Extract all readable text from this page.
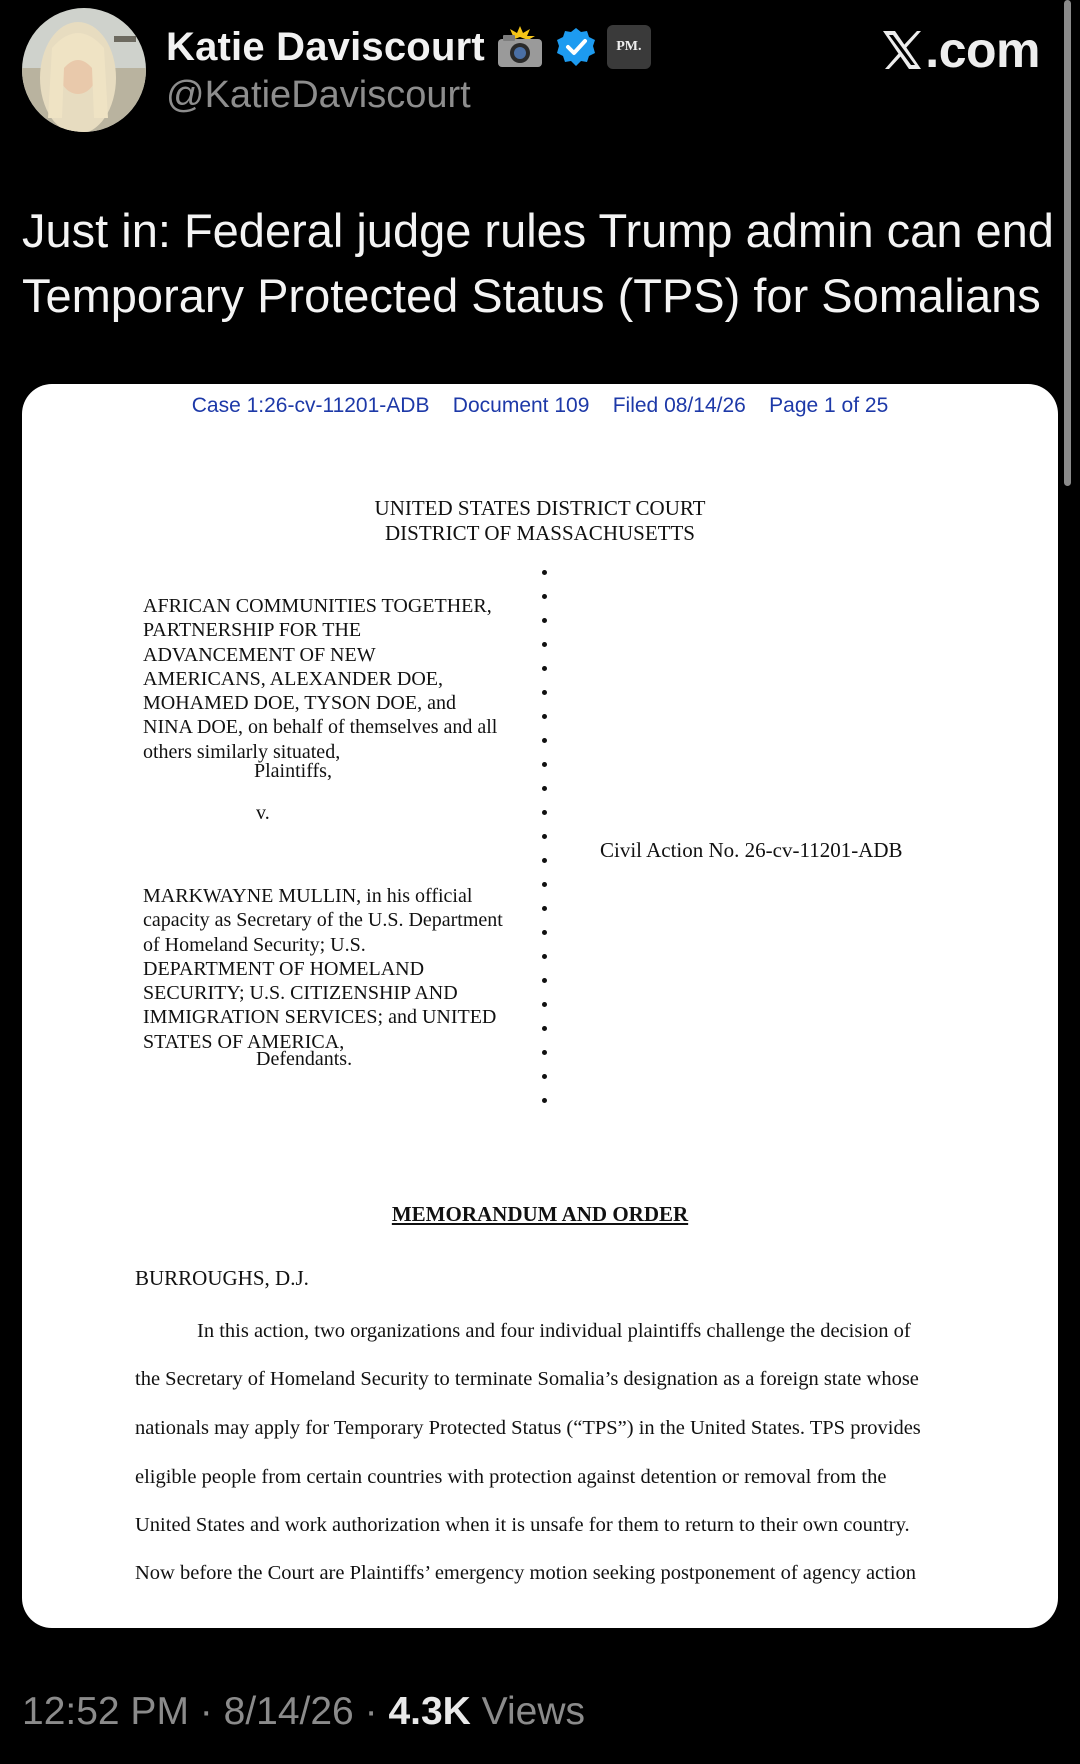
Katie Daviscourt	PM.
@KatieDaviscourt
.com
Just in: Federal judge rules Trump admin can end
Temporary Protected Status (TPS) for Somalians
Case 1:26-cv-11201-ADB    Document 109    Filed 08/14/26    Page 1 of 25
UNITED STATES DISTRICT COURT
DISTRICT OF MASSACHUSETTS
AFRICAN COMMUNITIES TOGETHER,
PARTNERSHIP FOR THE
ADVANCEMENT OF NEW
AMERICANS, ALEXANDER DOE,
MOHAMED DOE, TYSON DOE, and
NINA DOE, on behalf of themselves and all
others similarly situated,
Plaintiffs,
v.
MARKWAYNE MULLIN, in his official
capacity as Secretary of the U.S. Department
of Homeland Security; U.S.
DEPARTMENT OF HOMELAND
SECURITY; U.S. CITIZENSHIP AND
IMMIGRATION SERVICES; and UNITED
STATES OF AMERICA,
Defendants.
Civil Action No. 26-cv-11201-ADB
MEMORANDUM AND ORDER
BURROUGHS, D.J.
In this action, two organizations and four individual plaintiffs challenge the decision of
the Secretary of Homeland Security to terminate Somalia’s designation as a foreign state whose
nationals may apply for Temporary Protected Status (“TPS”) in the United States. TPS provides
eligible people from certain countries with protection against detention or removal from the
United States and work authorization when it is unsafe for them to return to their own country.
Now before the Court are Plaintiffs’ emergency motion seeking postponement of agency action
12:52 PM · 8/14/26 · 4.3K Views
